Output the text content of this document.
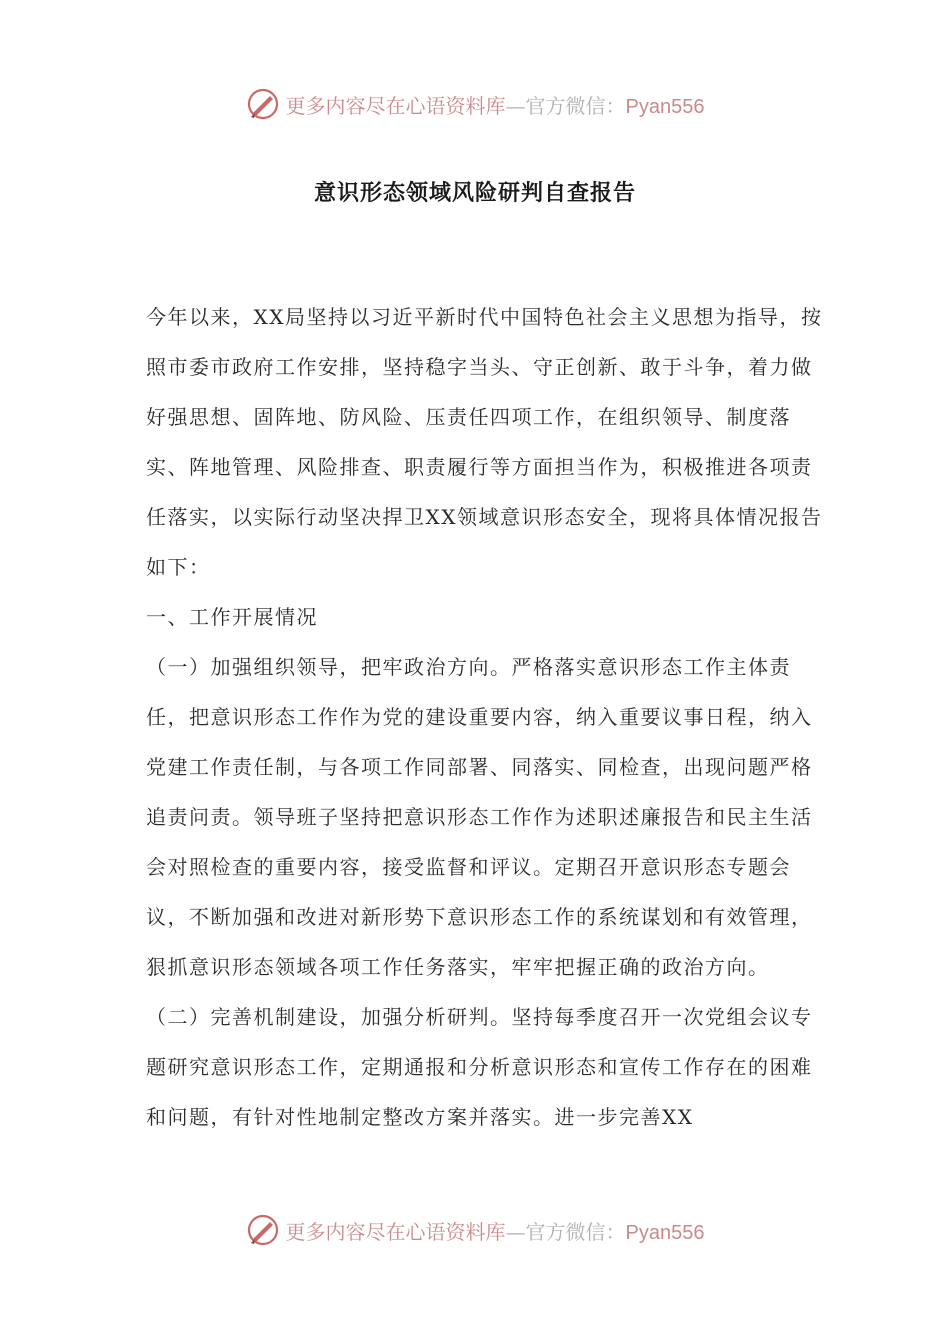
更多内容尽在心语资料库—官方微信：Pyan556
意识形态领域风险研判自查报告

今年以来，XX局坚持以习近平新时代中国特色社会主义思想为指导，按照市委市政府工作安排，坚持稳字当头、守正创新、敢于斗争，着力做好强思想、固阵地、防风险、压责任四项工作，在组织领导、制度落实、阵地管理、风险排查、职责履行等方面担当作为，积极推进各项责任落实，以实际行动坚决捍卫XX领域意识形态安全，现将具体情况报告如下：

一、工作开展情况

（一）加强组织领导，把牢政治方向。严格落实意识形态工作主体责任，把意识形态工作作为党的建设重要内容，纳入重要议事日程，纳入党建工作责任制，与各项工作同部署、同落实、同检查，出现问题严格追责问责。领导班子坚持把意识形态工作作为述职述廉报告和民主生活会对照检查的重要内容，接受监督和评议。定期召开意识形态专题会议，不断加强和改进对新形势下意识形态工作的系统谋划和有效管理，狠抓意识形态领域各项工作任务落实，牢牢把握正确的政治方向。

（二）完善机制建设，加强分析研判。坚持每季度召开一次党组会议专题研究意识形态工作，定期通报和分析意识形态和宣传工作存在的困难和问题，有针对性地制定整改方案并落实。进一步完善XX

更多内容尽在心语资料库—官方微信：Pyan556
